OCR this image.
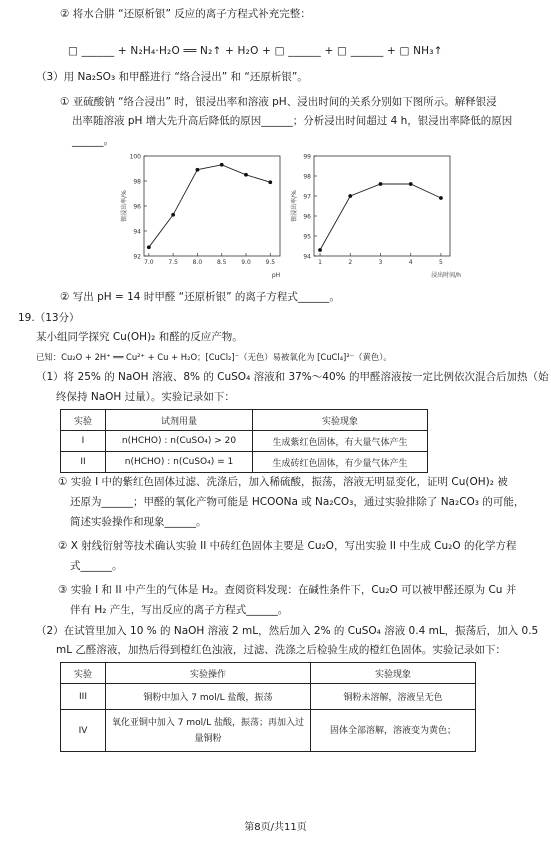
② 将水合肼 “还原析银” 反应的离子方程式补充完整：
□ ______ + N₂H₄·H₂O ══ N₂↑ + H₂O + □ ______ + □ ______ + □ NH₃↑
（3）用 Na₂SO₃ 和甲醛进行 “络合浸出” 和 “还原析银”。
① 亚硫酸钠 “络合浸出” 时，银浸出率和溶液 pH、浸出时间的关系分别如下图所示。解释银浸
出率随溶液 pH 增大先升高后降低的原因______；分析浸出时间超过 4 h，银浸出率降低的原因
______。
92
94
96
98
100
7.0 7.5 8.0 8.5 9.0 9.5
pH
银浸出率/%
94
95
96
97
98
99
1	2	3	4	5
浸出时间/h
银浸出率/%
② 写出 pH = 14 时甲醛 “还原析银” 的离子方程式______。
19.（13分）
某小组同学探究 Cu(OH)₂ 和醛的反应产物。
已知：Cu₂O + 2H⁺ ══ Cu²⁺ + Cu + H₂O；[CuCl₂]⁻（无色）易被氧化为 [CuCl₄]²⁻（黄色）。
（1）将 25% 的 NaOH 溶液、8% 的 CuSO₄ 溶液和 37%～40% 的甲醛溶液按一定比例依次混合后加热（始
终保持 NaOH 过量）。实验记录如下：
实验	试剂用量	实验现象
I	n(HCHO) : n(CuSO₄) > 20	生成紫红色固体，有大量气体产生
II	n(HCHO) : n(CuSO₄) = 1	生成砖红色固体，有少量气体产生
① 实验 I 中的紫红色固体过滤、洗涤后，加入稀硫酸，振荡，溶液无明显变化，证明 Cu(OH)₂ 被
还原为______；甲醛的氧化产物可能是 HCOONa 或 Na₂CO₃，通过实验排除了 Na₂CO₃ 的可能，
简述实验操作和现象______。
② X 射线衍射等技术确认实验 II 中砖红色固体主要是 Cu₂O，写出实验 II 中生成 Cu₂O 的化学方程
式______。
③ 实验 I 和 II 中产生的气体是 H₂。查阅资料发现：在碱性条件下，Cu₂O 可以被甲醛还原为 Cu 并
伴有 H₂ 产生，写出反应的离子方程式______。
（2）在试管里加入 10 % 的 NaOH 溶液 2 mL，然后加入 2% 的 CuSO₄ 溶液 0.4 mL，振荡后，加入 0.5
mL 乙醛溶液，加热后得到橙红色浊液，过滤、洗涤之后检验生成的橙红色固体。实验记录如下：
实验	实验操作	实验现象
III	铜粉中加入 7 mol/L 盐酸，振荡	铜粉未溶解，溶液呈无色
IV	氧化亚铜中加入 7 mol/L 盐酸，振荡；再加入过量铜粉	固体全部溶解，溶液变为黄色；
第8页/共11页
